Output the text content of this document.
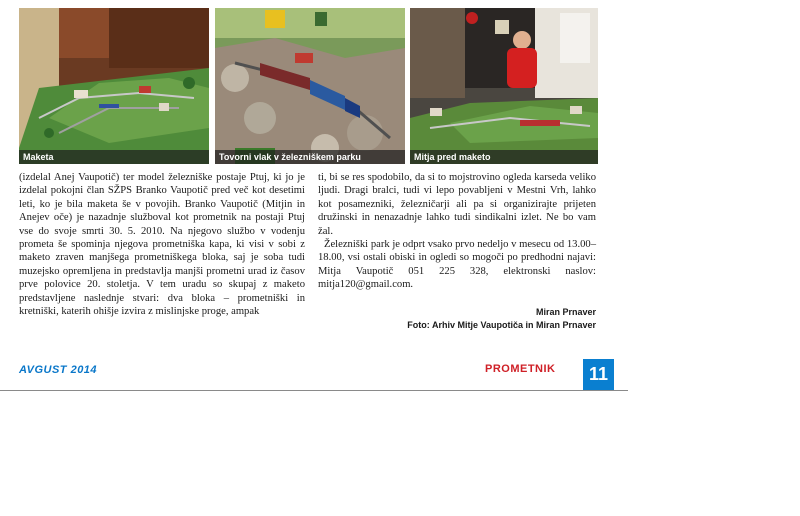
Maketa	Tovorni vlak v železniškem parku	Mitja pred maketo

(izdelal Anej Vaupotič) ter model železniške postaje Ptuj, ki jo je izdelal pokojni član SŽPS Branko Vaupotič pred več kot desetimi leti, ko je bila maketa še v povojih. Branko Vaupotič (Mitjin in Anejev oče) je nazadnje služboval kot prometnik na postaji Ptuj vse do svoje smrti 30. 5. 2010. Na njegovo službo v vodenju prometa še spominja njegova prometniška kapa, ki visi v sobi z maketo zraven manjšega prometniškega bloka, saj je soba tudi muzejsko opremljena in predstavlja manjši prometni urad iz časov prve polovice 20. stoletja. V tem uradu so skupaj z maketo predstavljene naslednje stvari: dva bloka – prometniški in kretniški, katerih ohišje izvira z mislinjske proge, ampak

ti, bi se res spodobilo, da si to mojstrovino ogleda karseda veliko ljudi. Dragi bralci, tudi vi lepo povabljeni v Mestni Vrh, lahko kot posamezniki, železničarji ali pa si organizirajte prijeten družinski in nenazadnje lahko tudi sindikalni izlet. Ne bo vam žal.

Železniški park je odprt vsako prvo nedeljo v mesecu od 13.00–18.00, vsi ostali obiski in ogledi so mogoči po predhodni najavi: Mitja Vaupotič 051 225 328, elektronski naslov: mitja120@gmail.com.

Miran Prnaver
Foto: Arhiv Mitje Vaupotiča in Miran Prnaver
AVGUST 2014	PROMETNIK	11
